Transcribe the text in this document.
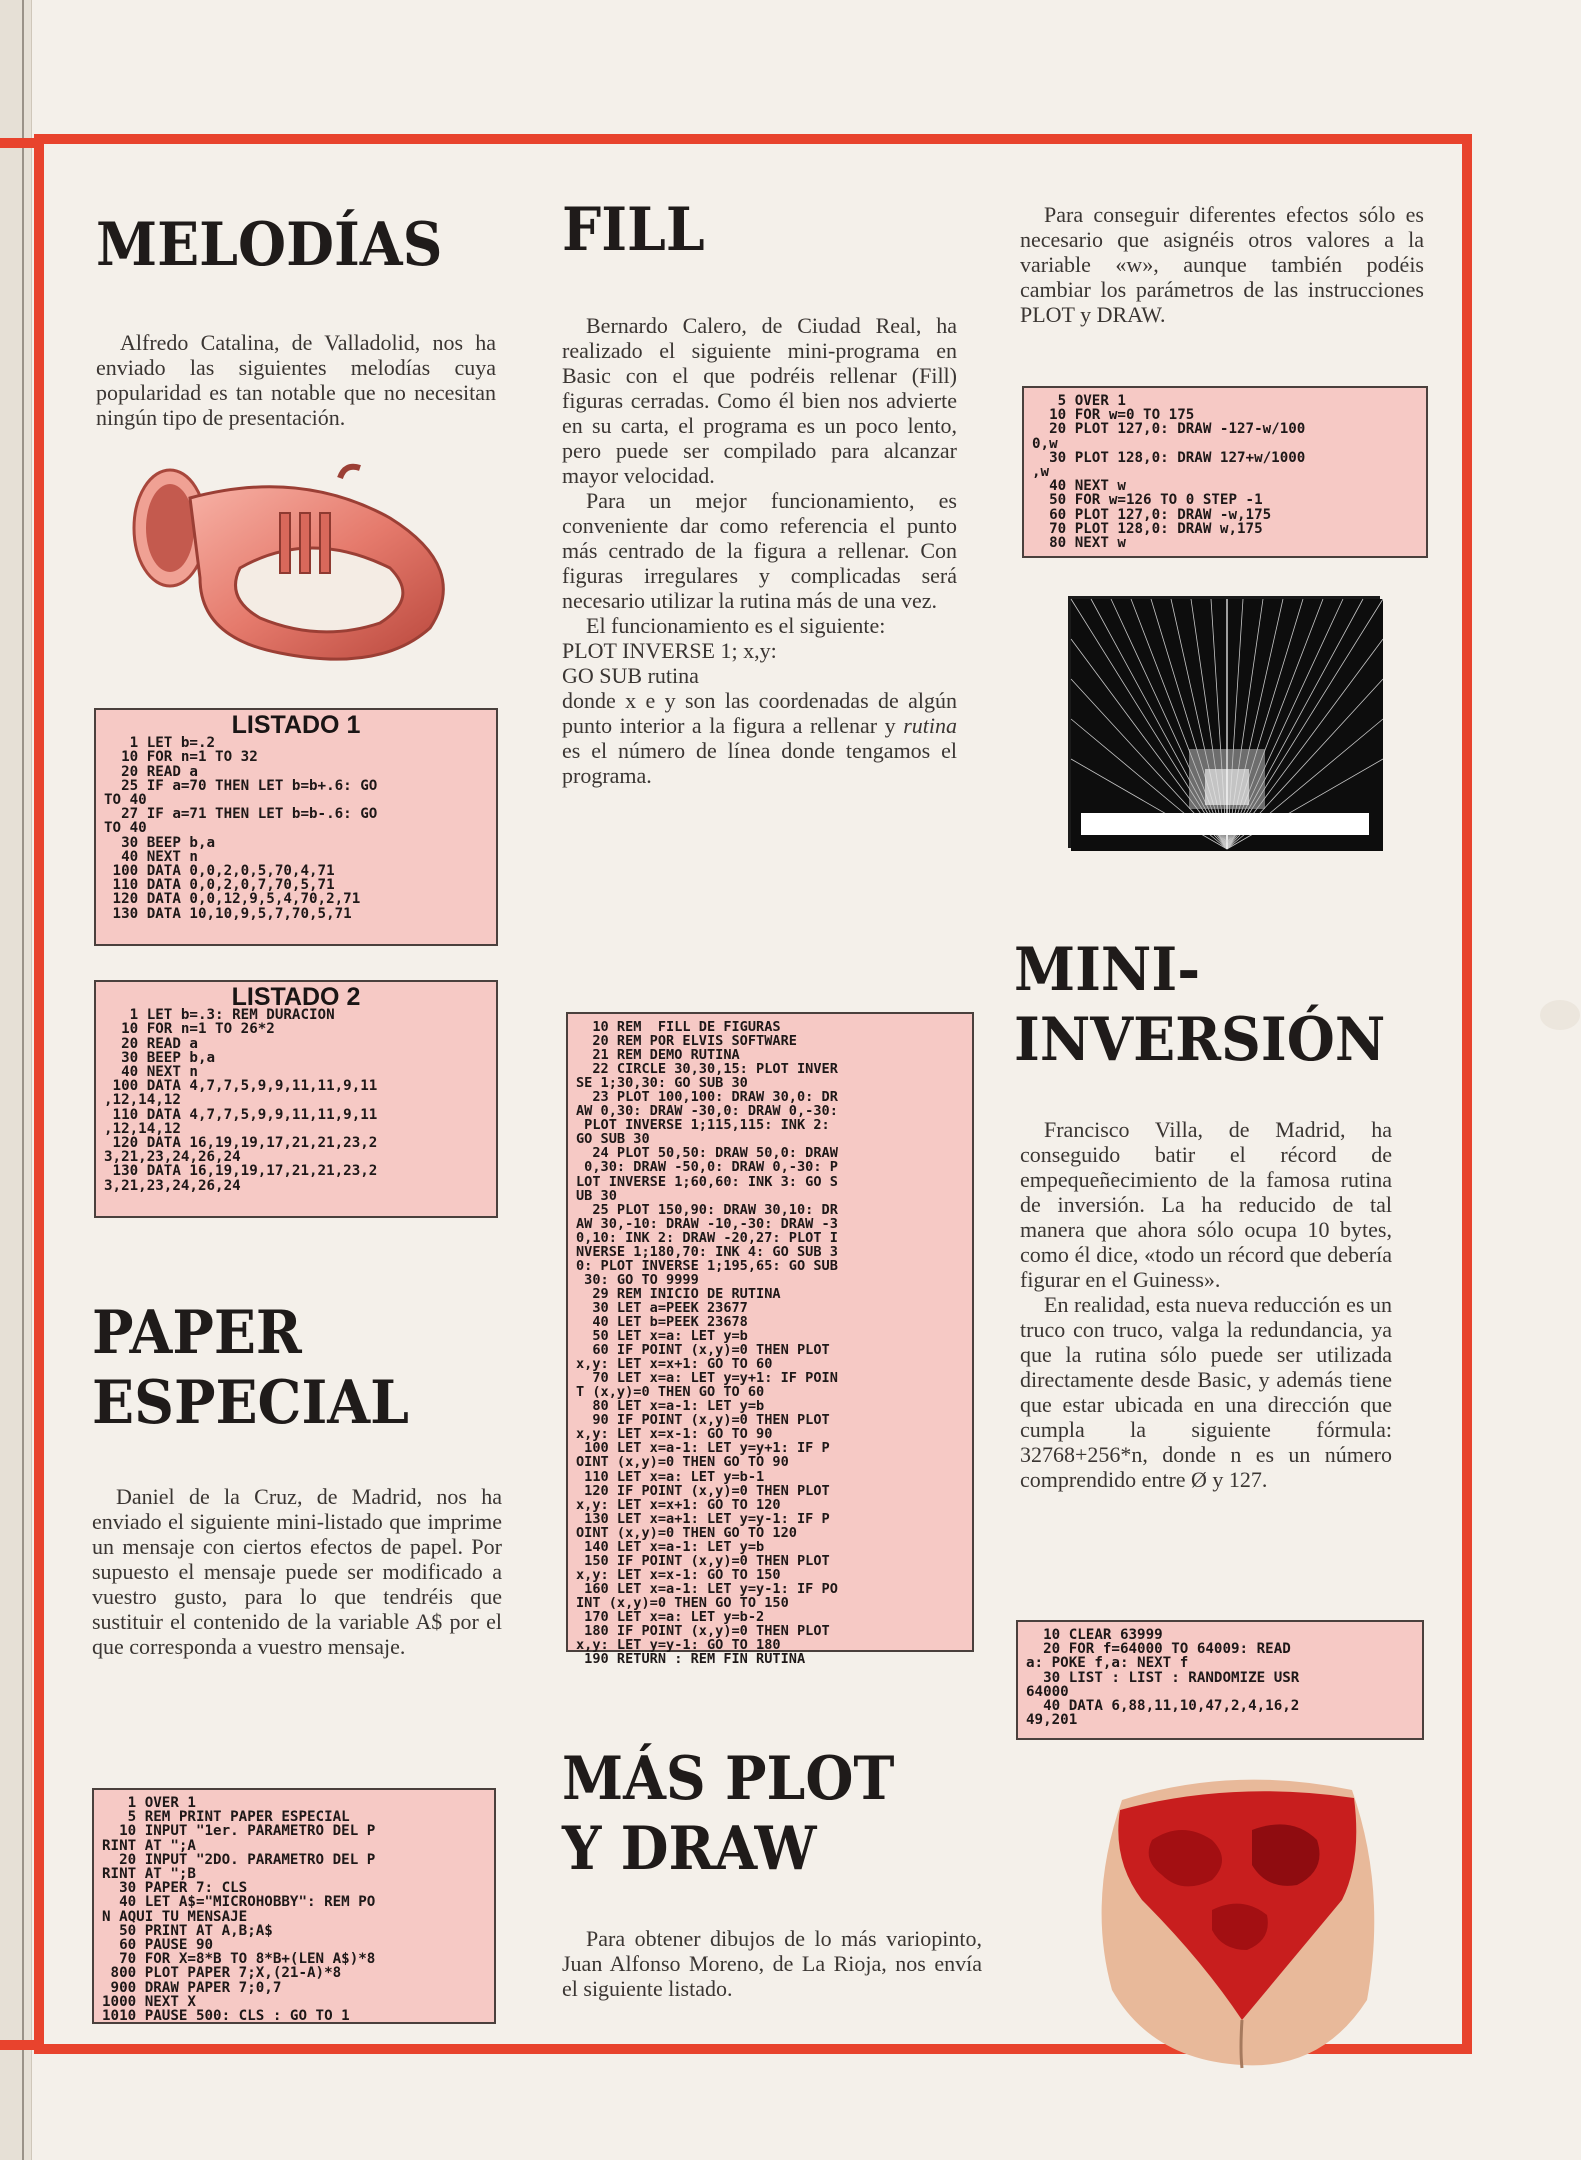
MELODÍAS

Alfredo Catalina, de Valladolid, nos ha enviado las siguientes melodías cuya popularidad es tan notable que no necesitan ningún tipo de presentación.

LISTADO 1
1 LET b=.2
10 FOR n=1 TO 32
20 READ a
25 IF a=70 THEN LET b=b+.6: GO
TO 40
27 IF a=71 THEN LET b=b-.6: GO
TO 40
30 BEEP b,a
40 NEXT n
100 DATA 0,0,2,0,5,70,4,71
110 DATA 0,0,2,0,7,70,5,71
120 DATA 0,0,12,9,5,4,70,2,71
130 DATA 10,10,9,5,7,70,5,71
LISTADO 2
1 LET b=.3: REM DURACION
10 FOR n=1 TO 26*2
20 READ a
30 BEEP b,a
40 NEXT n
100 DATA 4,7,7,5,9,9,11,11,9,11
,12,14,12
110 DATA 4,7,7,5,9,9,11,11,9,11
,12,14,12
120 DATA 16,19,19,17,21,21,23,2
3,21,23,24,26,24
130 DATA 16,19,19,17,21,21,23,2
3,21,23,24,26,24
PAPER
ESPECIAL

Daniel de la Cruz, de Madrid, nos ha enviado el siguiente mini-listado que imprime un mensaje con ciertos efectos de papel. Por supuesto el mensaje puede ser modificado a vuestro gusto, para lo que tendréis que sustituir el contenido de la variable A$ por el que corresponda a vuestro mensaje.

1 OVER 1
5 REM PRINT PAPER ESPECIAL
10 INPUT "1er. PARAMETRO DEL P
RINT AT ";A
20 INPUT "2DO. PARAMETRO DEL P
RINT AT ";B
30 PAPER 7: CLS
40 LET A$="MICROHOBBY": REM PO
N AQUI TU MENSAJE
50 PRINT AT A,B;A$
60 PAUSE 90
70 FOR X=8*B TO 8*B+(LEN A$)*8
800 PLOT PAPER 7;X,(21-A)*8
900 DRAW PAPER 7;0,7
1000 NEXT X
1010 PAUSE 500: CLS : GO TO 1
FILL

Bernardo Calero, de Ciudad Real, ha realizado el siguiente mini-programa en Basic con el que podréis rellenar (Fill) figuras cerradas. Como él bien nos advierte en su carta, el programa es un poco lento, pero puede ser compilado para alcanzar mayor velocidad.

Para un mejor funcionamiento, es conveniente dar como referencia el punto más centrado de la figura a rellenar. Con figuras irregulares y complicadas será necesario utilizar la rutina más de una vez.

El funcionamiento es el siguiente:

PLOT INVERSE 1; x,y:

GO SUB rutina

donde x e y son las coordenadas de algún punto interior a la figura a rellenar y rutina es el número de línea donde tengamos el programa.

10 REM  FILL DE FIGURAS
20 REM POR ELVIS SOFTWARE
21 REM DEMO RUTINA
22 CIRCLE 30,30,15: PLOT INVER
SE 1;30,30: GO SUB 30
23 PLOT 100,100: DRAW 30,0: DR
AW 0,30: DRAW -30,0: DRAW 0,-30:
PLOT INVERSE 1;115,115: INK 2:
GO SUB 30
24 PLOT 50,50: DRAW 50,0: DRAW
0,30: DRAW -50,0: DRAW 0,-30: P
LOT INVERSE 1;60,60: INK 3: GO S
UB 30
25 PLOT 150,90: DRAW 30,10: DR
AW 30,-10: DRAW -10,-30: DRAW -3
0,10: INK 2: DRAW -20,27: PLOT I
NVERSE 1;180,70: INK 4: GO SUB 3
0: PLOT INVERSE 1;195,65: GO SUB
30: GO TO 9999
29 REM INICIO DE RUTINA
30 LET a=PEEK 23677
40 LET b=PEEK 23678
50 LET x=a: LET y=b
60 IF POINT (x,y)=0 THEN PLOT
x,y: LET x=x+1: GO TO 60
70 LET x=a: LET y=y+1: IF POIN
T (x,y)=0 THEN GO TO 60
80 LET x=a-1: LET y=b
90 IF POINT (x,y)=0 THEN PLOT
x,y: LET x=x-1: GO TO 90
100 LET x=a-1: LET y=y+1: IF P
OINT (x,y)=0 THEN GO TO 90
110 LET x=a: LET y=b-1
120 IF POINT (x,y)=0 THEN PLOT
x,y: LET x=x+1: GO TO 120
130 LET x=a+1: LET y=y-1: IF P
OINT (x,y)=0 THEN GO TO 120
140 LET x=a-1: LET y=b
150 IF POINT (x,y)=0 THEN PLOT
x,y: LET x=x-1: GO TO 150
160 LET x=a-1: LET y=y-1: IF PO
INT (x,y)=0 THEN GO TO 150
170 LET x=a: LET y=b-2
180 IF POINT (x,y)=0 THEN PLOT
x,y: LET y=y-1: GO TO 180
190 RETURN : REM FIN RUTINA
MÁS PLOT
Y DRAW

Para obtener dibujos de lo más variopinto, Juan Alfonso Moreno, de La Rioja, nos envía el siguiente listado.

Para conseguir diferentes efectos sólo es necesario que asignéis otros valores a la variable «w», aunque también podéis cambiar los parámetros de las instrucciones PLOT y DRAW.

5 OVER 1
10 FOR w=0 TO 175
20 PLOT 127,0: DRAW -127-w/100
0,w
30 PLOT 128,0: DRAW 127+w/1000
,w
40 NEXT w
50 FOR w=126 TO 0 STEP -1
60 PLOT 127,0: DRAW -w,175
70 PLOT 128,0: DRAW w,175
80 NEXT w
MINI-
INVERSIÓN

Francisco Villa, de Madrid, ha conseguido batir el récord de empequeñecimiento de la famosa rutina de inversión. La ha reducido de tal manera que ahora sólo ocupa 10 bytes, como él dice, «todo un récord que debería figurar en el Guiness».

En realidad, esta nueva reducción es un truco con truco, valga la redundancia, ya que la rutina sólo puede ser utilizada directamente desde Basic, y además tiene que estar ubicada en una dirección que cumpla la siguiente fórmula: 32768+256*n, donde n es un número comprendido entre Ø y 127.

10 CLEAR 63999
20 FOR f=64000 TO 64009: READ
a: POKE f,a: NEXT f
30 LIST : LIST : RANDOMIZE USR
64000
40 DATA 6,88,11,10,47,2,4,16,2
49,201
